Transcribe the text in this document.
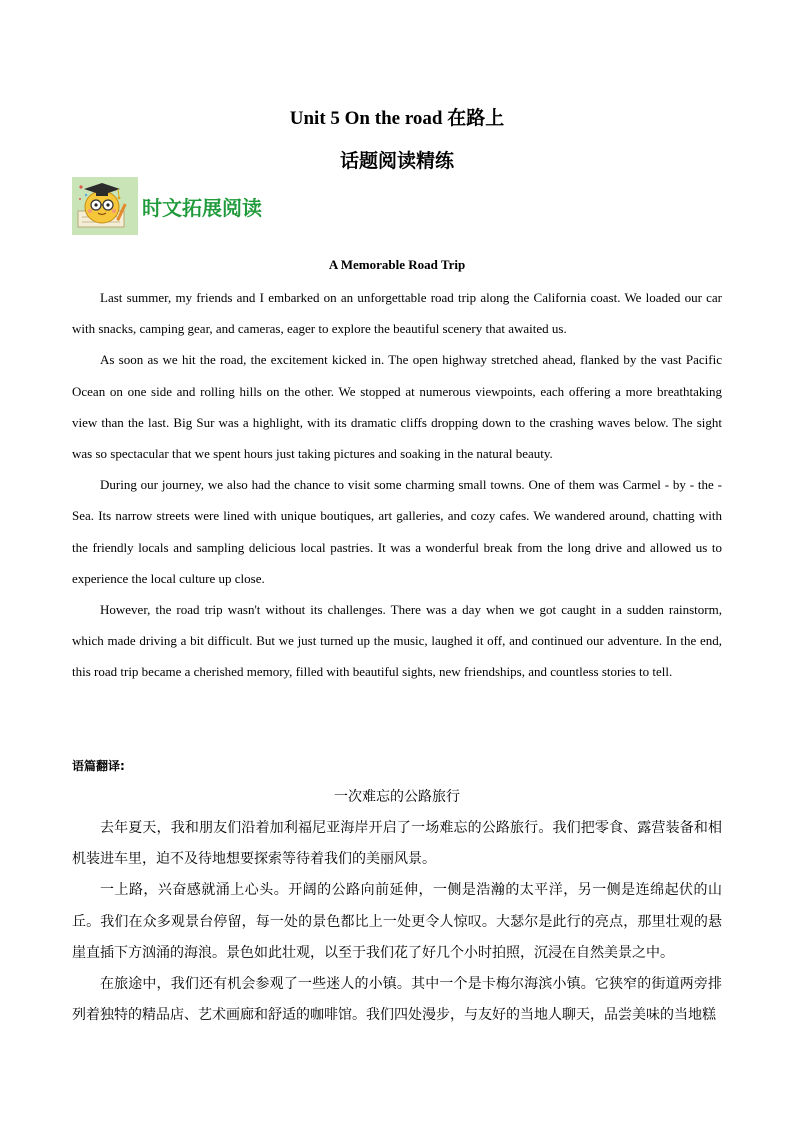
Unit 5 On the road 在路上
话题阅读精练
时文拓展阅读
A Memorable Road Trip

Last summer, my friends and I embarked on an unforgettable road trip along the California coast. We loaded our car with snacks, camping gear, and cameras, eager to explore the beautiful scenery that awaited us.

As soon as we hit the road, the excitement kicked in. The open highway stretched ahead, flanked by the vast Pacific Ocean on one side and rolling hills on the other. We stopped at numerous viewpoints, each offering a more breathtaking view than the last. Big Sur was a highlight, with its dramatic cliffs dropping down to the crashing waves below. The sight was so spectacular that we spent hours just taking pictures and soaking in the natural beauty.

During our journey, we also had the chance to visit some charming small towns. One of them was Carmel - by - the - Sea. Its narrow streets were lined with unique boutiques, art galleries, and cozy cafes. We wandered around, chatting with the friendly locals and sampling delicious local pastries. It was a wonderful break from the long drive and allowed us to experience the local culture up close.

However, the road trip wasn't without its challenges. There was a day when we got caught in a sudden rainstorm, which made driving a bit difficult. But we just turned up the music, laughed it off, and continued our adventure. In the end, this road trip became a cherished memory, filled with beautiful sights, new friendships, and countless stories to tell.

语篇翻译:
一次难忘的公路旅行

去年夏天，我和朋友们沿着加利福尼亚海岸开启了一场难忘的公路旅行。我们把零食、露营装备和相机装进车里，迫不及待地想要探索等待着我们的美丽风景。

一上路，兴奋感就涌上心头。开阔的公路向前延伸，一侧是浩瀚的太平洋，另一侧是连绵起伏的山丘。我们在众多观景台停留，每一处的景色都比上一处更令人惊叹。大瑟尔是此行的亮点，那里壮观的悬崖直插下方汹涌的海浪。景色如此壮观，以至于我们花了好几个小时拍照，沉浸在自然美景之中。

在旅途中，我们还有机会参观了一些迷人的小镇。其中一个是卡梅尔海滨小镇。它狭窄的街道两旁排列着独特的精品店、艺术画廊和舒适的咖啡馆。我们四处漫步，与友好的当地人聊天，品尝美味的当地糕
